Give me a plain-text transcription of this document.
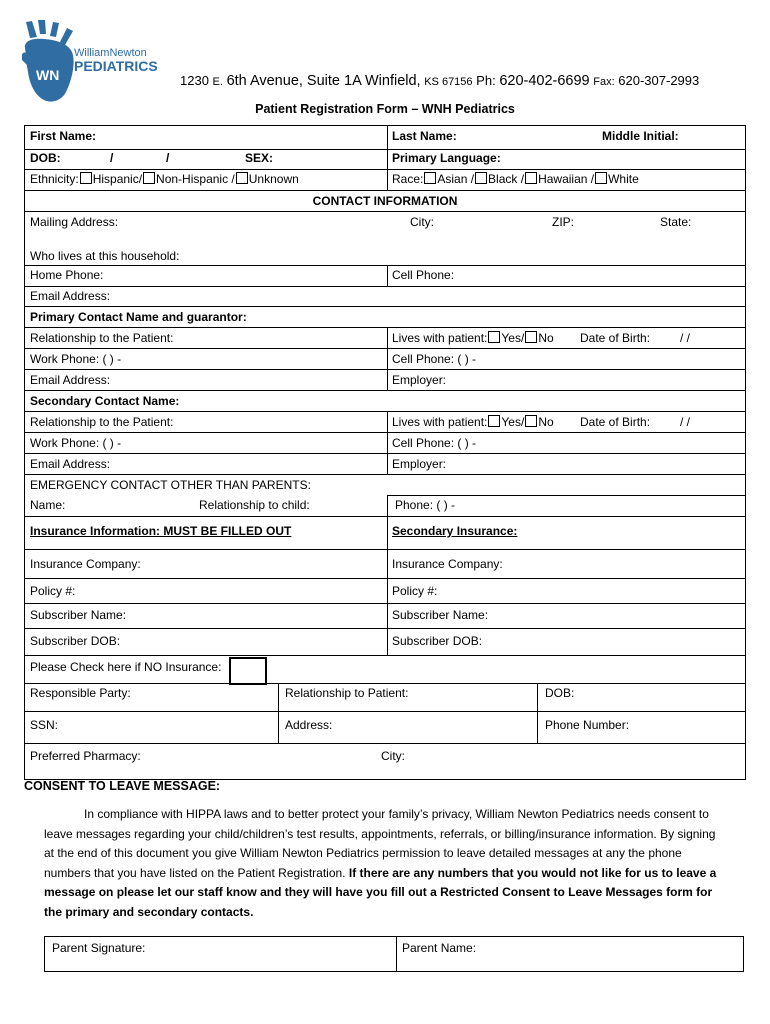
WN
WilliamNewton
PEDIATRICS
1230 E. 6th Avenue, Suite 1A Winfield, KS 67156 Ph: 620-402-6699 Fax: 620-307-2993
Patient Registration Form – WNH Pediatrics
First Name:	Last Name:	Middle Initial:
DOB:	/	/	SEX:	Primary Language:
Ethnicity: Hispanic/ Non-Hispanic / Unknown	Race: Asian / Black / Hawaiian / White
CONTACT INFORMATION
Mailing Address:	City:	ZIP:	State:
Who lives at this household:
Home Phone:	Cell Phone:
Email Address:
Primary Contact Name and guarantor:
Relationship to the Patient:	Lives with patient: Yes/ No Date of Birth: / /
Work Phone: ( ) -	Cell Phone: ( ) -
Email Address:	Employer:
Secondary Contact Name:
Relationship to the Patient:	Lives with patient: Yes/ No Date of Birth: / /
Work Phone: ( ) -	Cell Phone: ( ) -
Email Address:	Employer:
EMERGENCY CONTACT OTHER THAN PARENTS:
Name:	Relationship to child:	Phone: ( ) -
Insurance Information: MUST BE FILLED OUT	Secondary Insurance:
Insurance Company:	Insurance Company:
Policy #:	Policy #:
Subscriber Name:	Subscriber Name:
Subscriber DOB:	Subscriber DOB:
Please Check here if NO Insurance:
Responsible Party:	Relationship to Patient:	DOB:
SSN:	Address:	Phone Number:
Preferred Pharmacy:	City:
CONSENT TO LEAVE MESSAGE:

In compliance with HIPPA laws and to better protect your family’s privacy, William Newton Pediatrics needs consent to leave messages regarding your child/children’s test results, appointments, referrals, or billing/insurance information. By signing at the end of this document you give William Newton Pediatrics permission to leave detailed messages at any the phone numbers that you have listed on the Patient Registration. If there are any numbers that you would not like for us to leave a message on please let our staff know and they will have you fill out a Restricted Consent to Leave Messages form for the primary and secondary contacts.

Parent Signature:	Parent Name:
